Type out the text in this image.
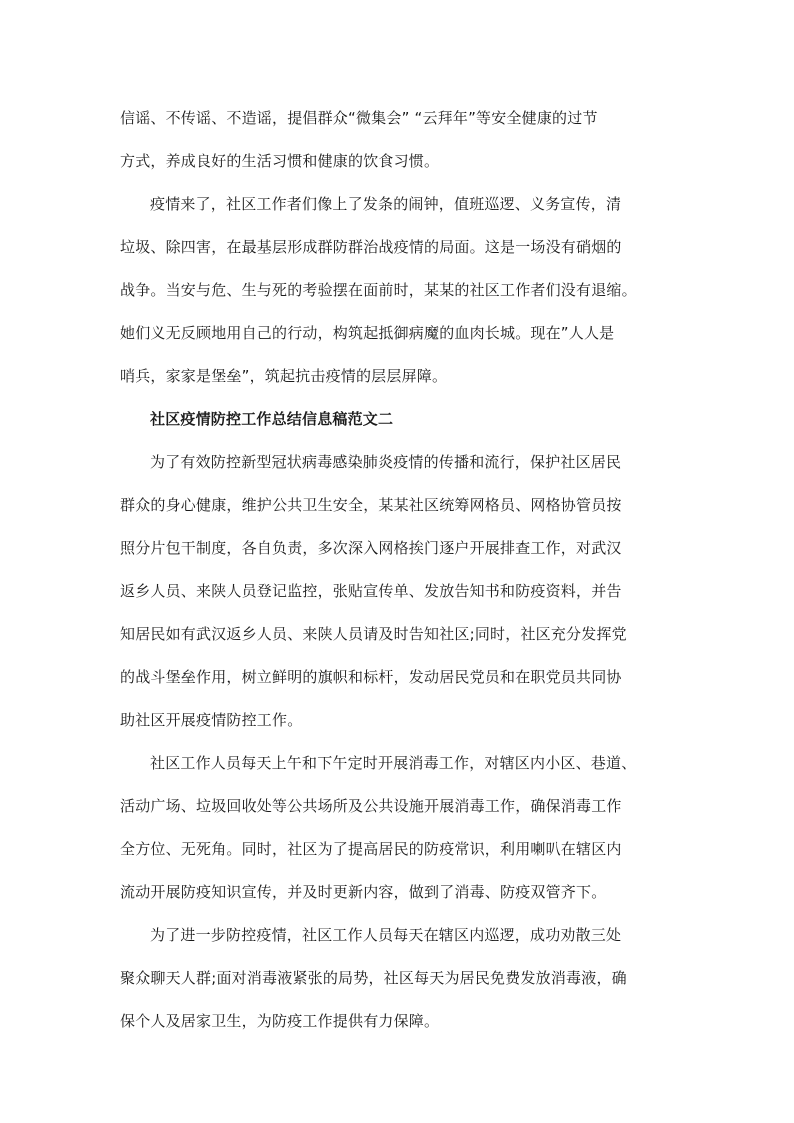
信谣、不传谣、不造谣，提倡群众“微集会” “云拜年”等安全健康的过节
方式，养成良好的生活习惯和健康的饮食习惯。
疫情来了，社区工作者们像上了发条的闹钟，值班巡逻、义务宣传，清
垃圾、除四害，在最基层形成群防群治战疫情的局面。这是一场没有硝烟的
战争。当安与危、生与死的考验摆在面前时，某某的社区工作者们没有退缩。
她们义无反顾地用自己的行动，构筑起抵御病魔的血肉长城。现在”人人是
哨兵，家家是堡垒”，筑起抗击疫情的层层屏障。
社区疫情防控工作总结信息稿范文二
为了有效防控新型冠状病毒感染肺炎疫情的传播和流行，保护社区居民
群众的身心健康，维护公共卫生安全，某某社区统筹网格员、网格协管员按
照分片包干制度，各自负责，多次深入网格挨门逐户开展排查工作，对武汉
返乡人员、来陕人员登记监控，张贴宣传单、发放告知书和防疫资料，并告
知居民如有武汉返乡人员、来陕人员请及时告知社区;同时，社区充分发挥党
的战斗堡垒作用，树立鲜明的旗帜和标杆，发动居民党员和在职党员共同协
助社区开展疫情防控工作。
社区工作人员每天上午和下午定时开展消毒工作，对辖区内小区、巷道、
活动广场、垃圾回收处等公共场所及公共设施开展消毒工作，确保消毒工作
全方位、无死角。同时，社区为了提高居民的防疫常识，利用喇叭在辖区内
流动开展防疫知识宣传，并及时更新内容，做到了消毒、防疫双管齐下。
为了进一步防控疫情，社区工作人员每天在辖区内巡逻，成功劝散三处
聚众聊天人群;面对消毒液紧张的局势，社区每天为居民免费发放消毒液，确
保个人及居家卫生，为防疫工作提供有力保障。
